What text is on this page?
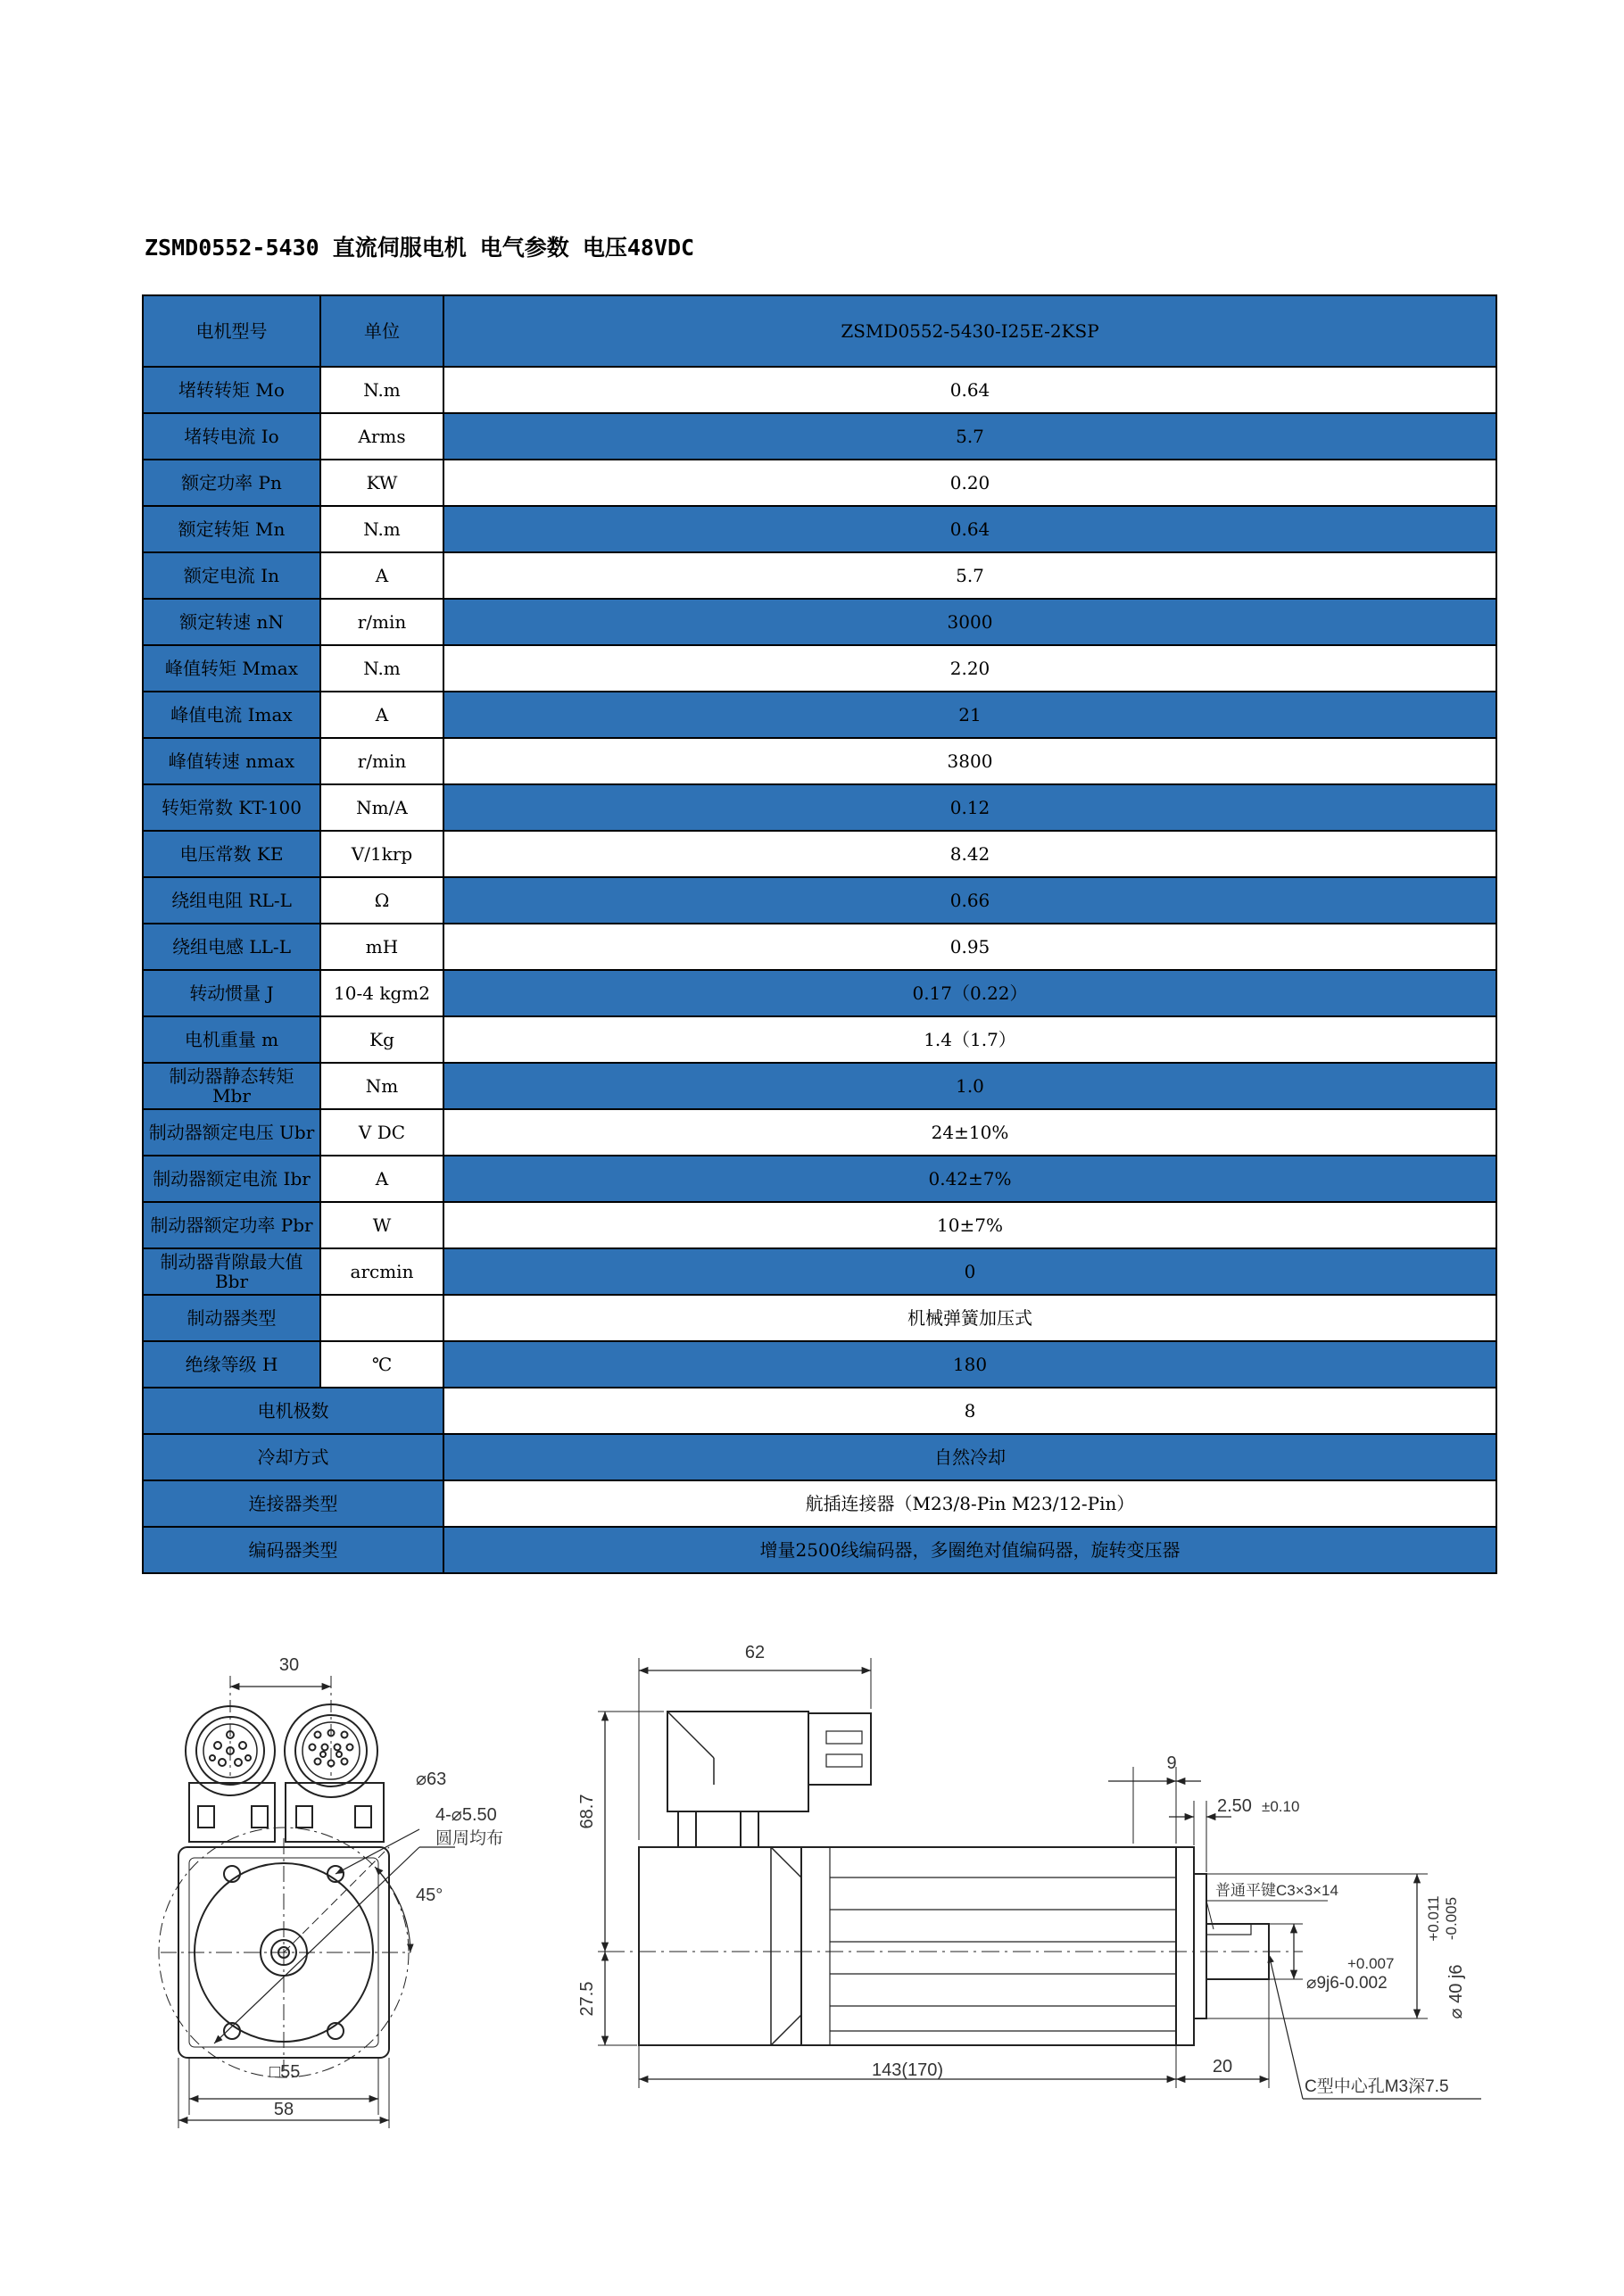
ZSMD0552-5430 直流伺服电机 电气参数 电压48VDC
电机型号	单位	ZSMD0552-5430-I25E-2KSP
堵转转矩 Mo	N.m	0.64
堵转电流 Io	Arms	5.7
额定功率 Pn	KW	0.20
额定转矩 Mn	N.m	0.64
额定电流 In	A	5.7
额定转速 nN	r/min	3000
峰值转矩 Mmax	N.m	2.20
峰值电流 Imax	A	21
峰值转速 nmax	r/min	3800
转矩常数 KT-100	Nm/A	0.12
电压常数 KE	V/1krp	8.42
绕组电阻 RL-L	Ω	0.66
绕组电感 LL-L	mH	0.95
转动惯量 J	10-4 kgm2	0.17（0.22）
电机重量 m	Kg	1.4（1.7）
制动器静态转矩 Mbr	Nm	1.0
制动器额定电压 Ubr	V DC	24±10%
制动器额定电流 Ibr	A	0.42±7%
制动器额定功率 Pbr	W	10±7%
制动器背隙最大值 Bbr	arcmin	0
制动器类型		机械弹簧加压式
绝缘等级 H	℃	180
电机极数		8
冷却方式		自然冷却
连接器类型		航插连接器（M23/8-Pin M23/12-Pin）
编码器类型		增量2500线编码器，多圈绝对值编码器，旋转变压器
30
⌀63
4-⌀5.50
圆周均布
45°
□55
58
62
9
2.50 ±0.10
68.7
27.5
普通平键C3×3×14
+0.007
⌀9j6-0.002
+0.011 -0.005
⌀ 40 j6
143(170)	20
C型中心孔M3深7.5
